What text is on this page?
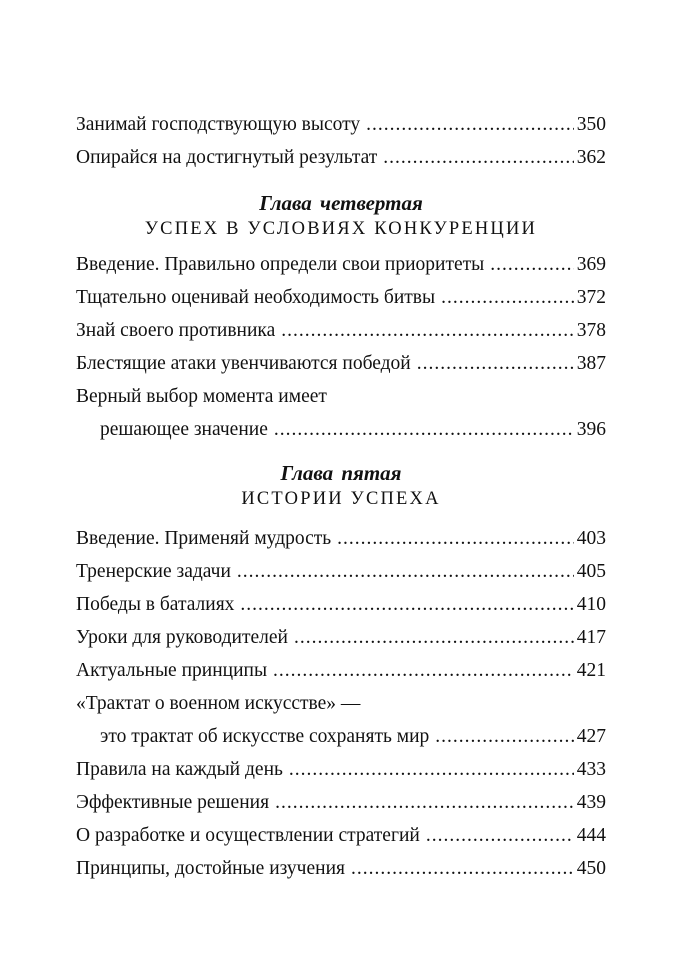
Занимай господствующую высоту .....	350
Опирайся на достигнутый результат .....	362
Глава четвертая
УСПЕХ В УСЛОВИЯХ КОНКУРЕНЦИИ
Введение. Правильно определи свои приоритеты .....	369
Тщательно оценивай необходимость битвы .....	372
Знай своего противника .....	378
Блестящие атаки увенчиваются победой .....	387
Верный выбор момента имеет
решающее значение .....	396
Глава пятая
ИСТОРИИ УСПЕХА
Введение. Применяй мудрость .....	403
Тренерские задачи .....	405
Победы в баталиях .....	410
Уроки для руководителей .....	417
Актуальные принципы .....	421
«Трактат о военном искусстве» —
это трактат об искусстве сохранять мир .....	427
Правила на каждый день .....	433
Эффективные решения .....	439
О разработке и осуществлении стратегий .....	444
Принципы, достойные изучения .....	450
